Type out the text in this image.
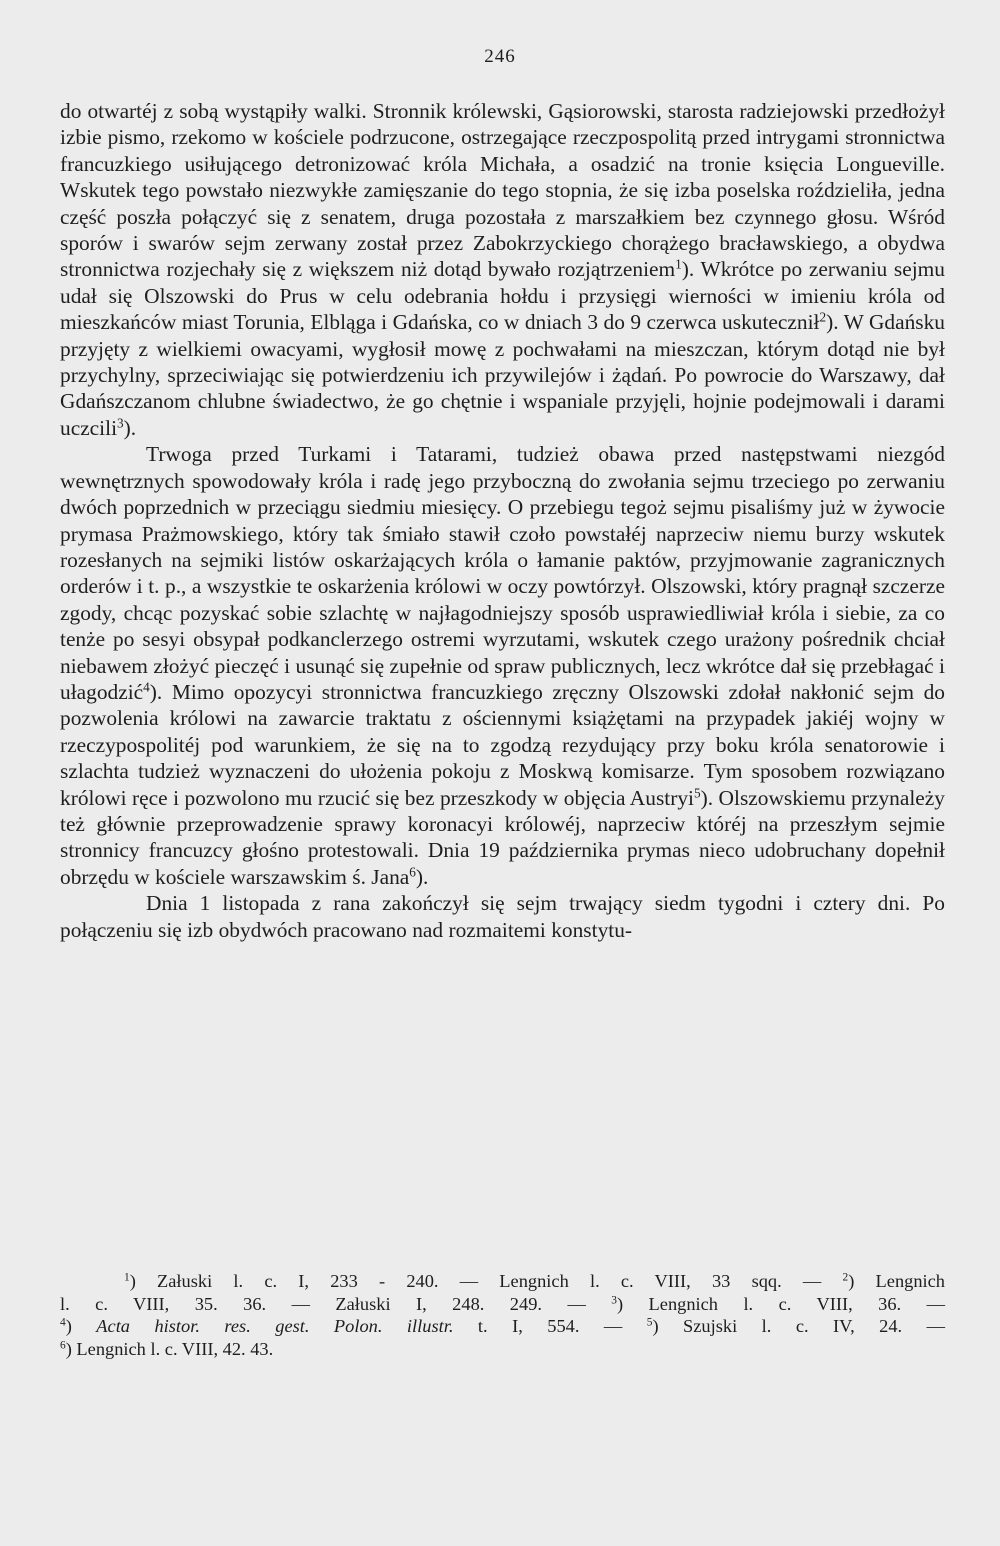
246

do otwartéj z sobą wystąpiły walki. Stronnik królewski, Gąsiorowski, starosta radziejowski przedłożył izbie pismo, rzekomo w kościele podrzucone, ostrzegające rzeczpospolitą przed intrygami stronnictwa francuzkiego usiłującego detronizować króla Michała, a osadzić na tronie księcia Longueville. Wskutek tego powstało niezwykłe zamięszanie do tego stopnia, że się izba poselska roździeliła, jedna część poszła połączyć się z senatem, druga pozostała z marszałkiem bez czynnego głosu. Wśród sporów i swarów sejm zerwany został przez Zabokrzyckiego chorążego bracławskiego, a obydwa stronnictwa rozjechały się z większem niż dotąd bywało rozjątrzeniem$^1$). Wkrótce po zerwaniu sejmu udał się Olszowski do Prus w celu odebrania hołdu i przysięgi wierności w imieniu króla od mieszkańców miast Torunia, Elbląga i Gdańska, co w dniach 3 do 9 czerwca uskutecznił$^2$). W Gdańsku przyjęty z wielkiemi owacyami, wygłosił mowę z pochwałami na mieszczan, którym dotąd nie był przychylny, sprzeciwiając się potwierdzeniu ich przywilejów i żądań. Po powrocie do Warszawy, dał Gdańszczanom chlubne świadectwo, że go chętnie i wspaniale przyjęli, hojnie podejmowali i darami uczcili$^3$).

Trwoga przed Turkami i Tatarami, tudzież obawa przed następstwami niezgód wewnętrznych spowodowały króla i radę jego przyboczną do zwołania sejmu trzeciego po zerwaniu dwóch poprzednich w przeciągu siedmiu miesięcy. O przebiegu tegoż sejmu pisaliśmy już w żywocie prymasa Prażmowskiego, który tak śmiało stawił czoło powstałéj naprzeciw niemu burzy wskutek rozesłanych na sejmiki listów oskarżających króla o łamanie paktów, przyjmowanie zagranicznych orderów i t. p., a wszystkie te oskarżenia królowi w oczy powtórzył. Olszowski, który pragnął szczerze zgody, chcąc pozyskać sobie szlachtę w najłagodniejszy sposób usprawiedliwiał króla i siebie, za co tenże po sesyi obsypał podkanclerzego ostremi wyrzutami, wskutek czego urażony pośrednik chciał niebawem złożyć pieczęć i usunąć się zupełnie od spraw publicznych, lecz wkrótce dał się przebłagać i ułagodzić$^4$). Mimo opozycyi stronnictwa francuzkiego zręczny Olszowski zdołał nakłonić sejm do pozwolenia królowi na zawarcie traktatu z ościennymi książętami na przypadek jakiéj wojny w rzeczypospolitéj pod warunkiem, że się na to zgodzą rezydujący przy boku króla senatorowie i szlachta tudzież wyznaczeni do ułożenia pokoju z Moskwą komisarze. Tym sposobem rozwiązano królowi ręce i pozwolono mu rzucić się bez przeszkody w objęcia Austryi$^5$). Olszowskiemu przynależy też głównie przeprowadzenie sprawy koronacyi królowéj, naprzeciw któréj na przeszłym sejmie stronnicy francuzcy głośno protestowali. Dnia 19 października prymas nieco udobruchany dopełnił obrzędu w kościele warszawskim ś. Jana$^6$).

Dnia 1 listopada z rana zakończył się sejm trwający siedm tygodni i cztery dni. Po połączeniu się izb obydwóch pracowano nad rozmaitemi konstytu-

$^1$) Załuski l. c. I, 233 - 240. — Lengnich l. c. VIII, 33 sqq. — $^2$) Lengnich
l. c. VIII, 35. 36. — Załuski I, 248. 249. — $^3$) Lengnich l. c. VIII, 36. —
$^4$) Acta histor. res. gest. Polon. illustr. t. I, 554. — $^5$) Szujski l. c. IV, 24. —
$^6$) Lengnich l. c. VIII, 42. 43.
